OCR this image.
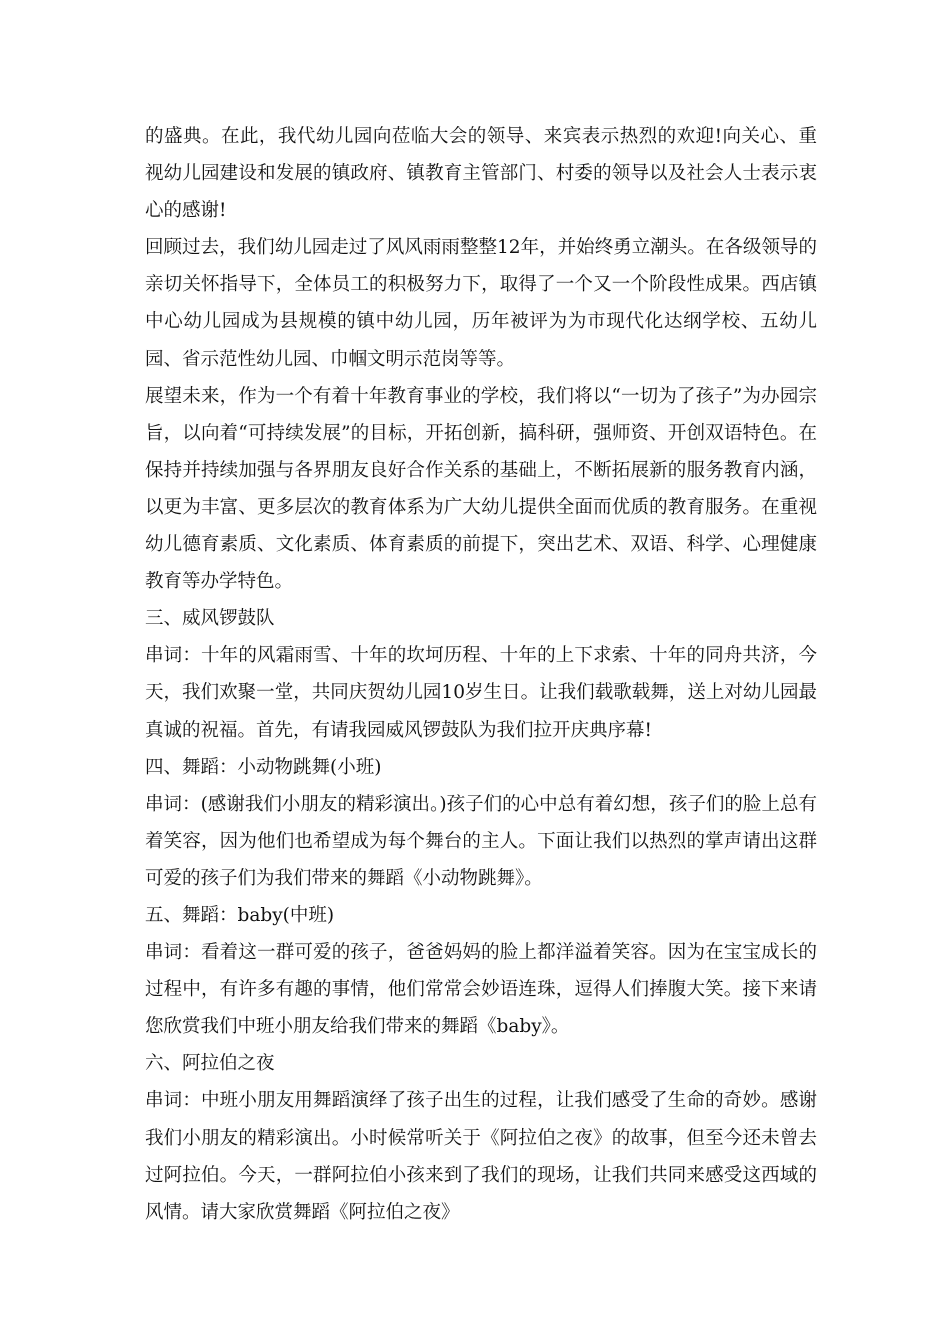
的盛典。在此，我代幼儿园向莅临大会的领导、来宾表示热烈的欢迎!向关心、重视幼儿园建设和发展的镇政府、镇教育主管部门、村委的领导以及社会人士表示衷心的感谢!

回顾过去，我们幼儿园走过了风风雨雨整整12年，并始终勇立潮头。在各级领导的亲切关怀指导下，全体员工的积极努力下，取得了一个又一个阶段性成果。西店镇中心幼儿园成为县规模的镇中幼儿园，历年被评为为市现代化达纲学校、五幼儿园、省示范性幼儿园、巾帼文明示范岗等等。

展望未来，作为一个有着十年教育事业的学校，我们将以“一切为了孩子”为办园宗旨，以向着“可持续发展”的目标，开拓创新，搞科研，强师资、开创双语特色。在保持并持续加强与各界朋友良好合作关系的基础上，不断拓展新的服务教育内涵，以更为丰富、更多层次的教育体系为广大幼儿提供全面而优质的教育服务。在重视幼儿德育素质、文化素质、体育素质的前提下，突出艺术、双语、科学、心理健康教育等办学特色。

三、威风锣鼓队

串词：十年的风霜雨雪、十年的坎坷历程、十年的上下求索、十年的同舟共济，今天，我们欢聚一堂，共同庆贺幼儿园10岁生日。让我们载歌载舞，送上对幼儿园最真诚的祝福。首先，有请我园威风锣鼓队为我们拉开庆典序幕!

四、舞蹈：小动物跳舞(小班)

串词：(感谢我们小朋友的精彩演出。)孩子们的心中总有着幻想，孩子们的脸上总有着笑容，因为他们也希望成为每个舞台的主人。下面让我们以热烈的掌声请出这群可爱的孩子们为我们带来的舞蹈《小动物跳舞》。

五、舞蹈：baby(中班)

串词：看着这一群可爱的孩子，爸爸妈妈的脸上都洋溢着笑容。因为在宝宝成长的过程中，有许多有趣的事情，他们常常会妙语连珠，逗得人们捧腹大笑。接下来请您欣赏我们中班小朋友给我们带来的舞蹈《baby》。

六、阿拉伯之夜

串词：中班小朋友用舞蹈演绎了孩子出生的过程，让我们感受了生命的奇妙。感谢我们小朋友的精彩演出。小时候常听关于《阿拉伯之夜》的故事，但至今还未曾去过阿拉伯。今天，一群阿拉伯小孩来到了我们的现场，让我们共同来感受这西域的风情。请大家欣赏舞蹈《阿拉伯之夜》
